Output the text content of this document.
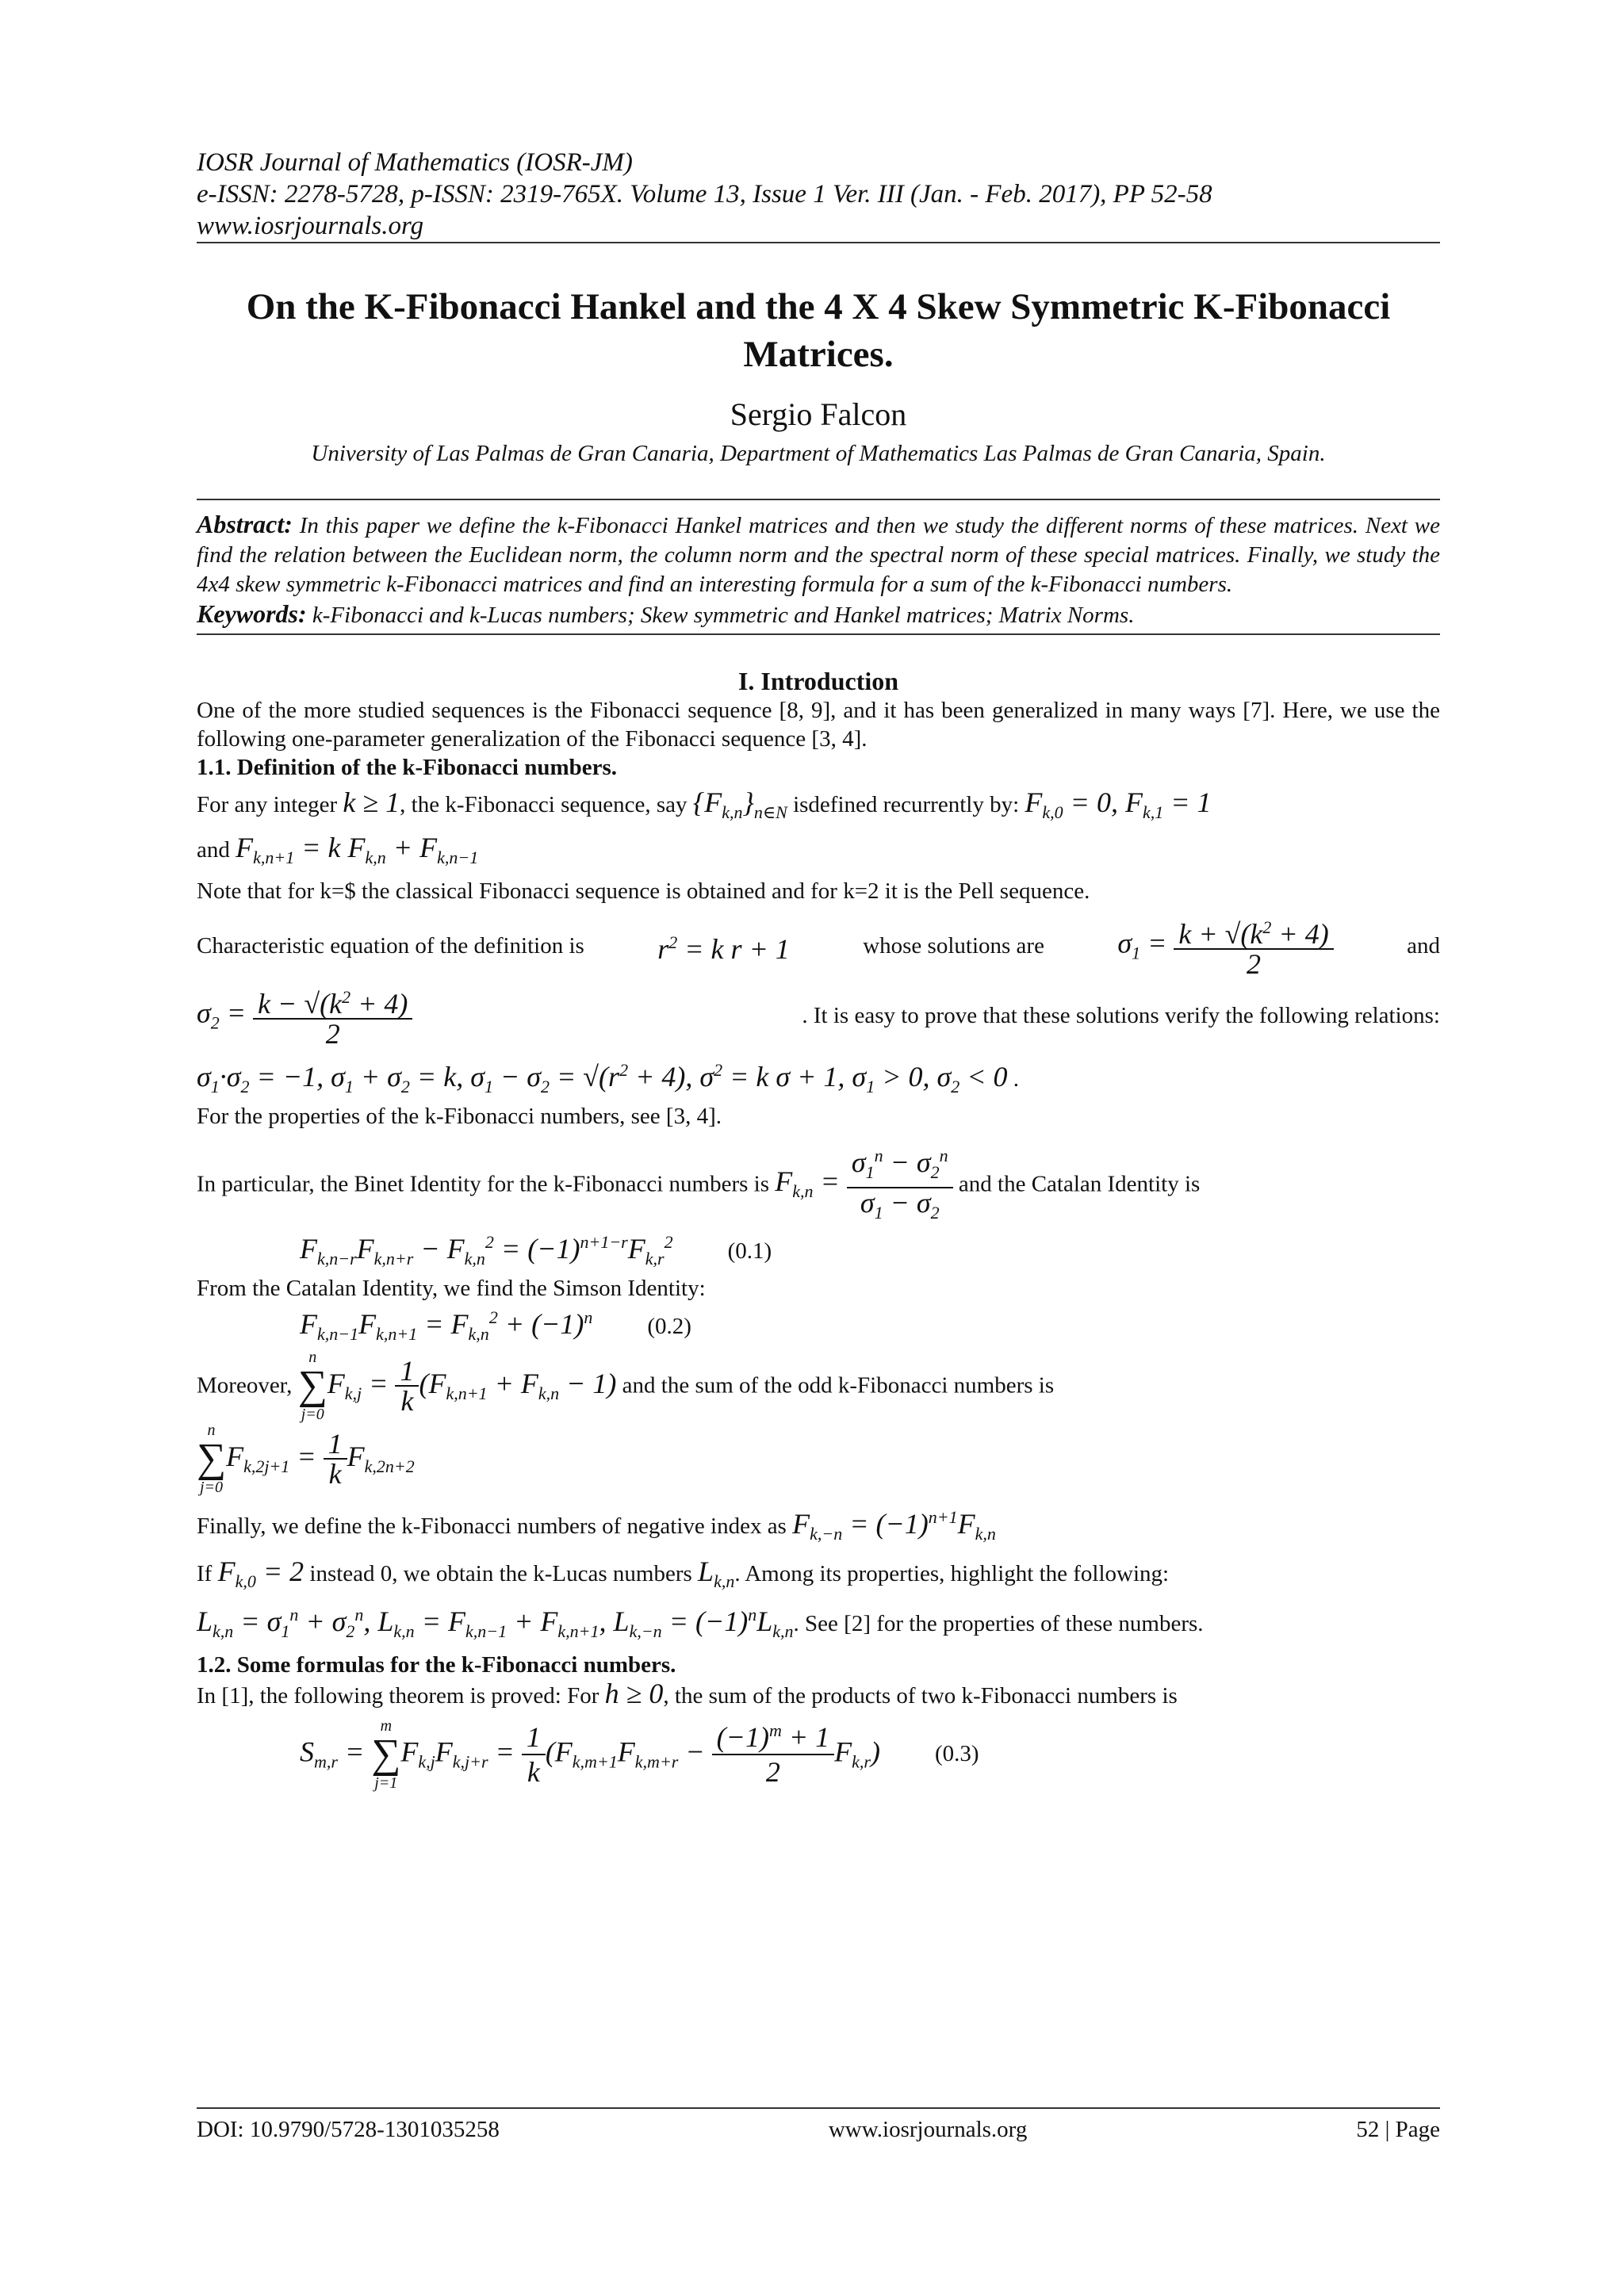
IOSR Journal of Mathematics (IOSR-JM)
e-ISSN: 2278-5728, p-ISSN: 2319-765X. Volume 13, Issue 1 Ver. III (Jan. - Feb. 2017), PP 52-58
www.iosrjournals.org
On the K-Fibonacci Hankel and the 4 X 4 Skew Symmetric K-Fibonacci Matrices.
Sergio Falcon
University of Las Palmas de Gran Canaria, Department of Mathematics Las Palmas de Gran Canaria, Spain.
Abstract: In this paper we define the k-Fibonacci Hankel matrices and then we study the different norms of these matrices. Next we find the relation between the Euclidean norm, the column norm and the spectral norm of these special matrices. Finally, we study the 4x4 skew symmetric k-Fibonacci matrices and find an interesting formula for a sum of the k-Fibonacci numbers.
Keywords: k-Fibonacci and k-Lucas numbers; Skew symmetric and Hankel matrices; Matrix Norms.
I. Introduction
One of the more studied sequences is the Fibonacci sequence [8, 9], and it has been generalized in many ways [7]. Here, we use the following one-parameter generalization of the Fibonacci sequence [3, 4].
1.1. Definition of the k-Fibonacci numbers.
For any integer k ≥ 1, the k-Fibonacci sequence, say $\{F_{k,n}\}_{n\in N}$ isdefined recurrently by: $F_{k,0} = 0$, $F_{k,1} = 1$
and $F_{k,n+1} = k$ $F_{k,n} + F_{k,n-1}$
Note that for k=$ the classical Fibonacci sequence is obtained and for k=2 it is the Pell sequence.
Characteristic equation of the definition is	$r^2 = k$ r + 1	whose solutions are	$\sigma_1 = \frac{k + √(k^2 + 4)}{2}$	and
$\sigma_2 = \frac{k - √(k^2 + 4)}{2}$	. It is easy to prove that these solutions verify the following relations:
$\sigma_1\cdot\sigma_2 = -1$, $\sigma_1 + \sigma_2 = k$, $\sigma_1 - \sigma_2 = √(r^2 + 4)$, $\sigma^2 = k$ σ + 1, $\sigma_1 > 0$, $\sigma_2 < 0$ .
For the properties of the k-Fibonacci numbers, see [3, 4].
In particular, the Binet Identity for the k-Fibonacci numbers is $F_{k,n} = \frac{\sigma_1^n - \sigma_2^n}{\sigma_1 - \sigma_2}$ and the Catalan Identity is
$F_{k,n-r}F_{k,n+r} - F_{k,n}^2 = (-1)^{n+1-r}F_{k,r}^2$ (0.1)
From the Catalan Identity, we find the Simson Identity:
$F_{k,n-1}F_{k,n+1} = F_{k,n}^2 + (-1)^n$ (0.2)
Moreover,
n
∑
j=0
$F_{k,j} = \frac{1}{k} (F_{k,n+1} + F_{k,n} - 1)$ and the sum of the odd k-Fibonacci numbers is
n
∑
j=0
$F_{k,2j+1} = \frac{1}{k} F_{k,2n+2}$
Finally, we define the k-Fibonacci numbers of negative index as $F_{k,-n} = (-1)^{n+1}F_{k,n}$
If $F_{k,0} = 2$ instead 0, we obtain the k-Lucas numbers $L_{k,n}$. Among its properties, highlight the following:
$L_{k,n} = \sigma_1^n + \sigma_2^n$, $L_{k,n} = F_{k,n-1} + F_{k,n+1}$, $L_{k,-n} = (-1)^nL_{k,n}$. See [2] for the properties of these numbers.
1.2. Some formulas for the k-Fibonacci numbers.
In [1], the following theorem is proved: For h ≥ 0, the sum of the products of two k-Fibonacci numbers is
$S_{m,r}$ =
m
∑
j=1
$F_{k,j}F_{k,j+r} = \frac{1}{k} (F_{k,m+1}F_{k,m+r} - \frac{(-1)^m + 1}{2} F_{k,r})$ (0.3)
DOI: 10.9790/5728-1301035258	www.iosrjournals.org	52 | Page
